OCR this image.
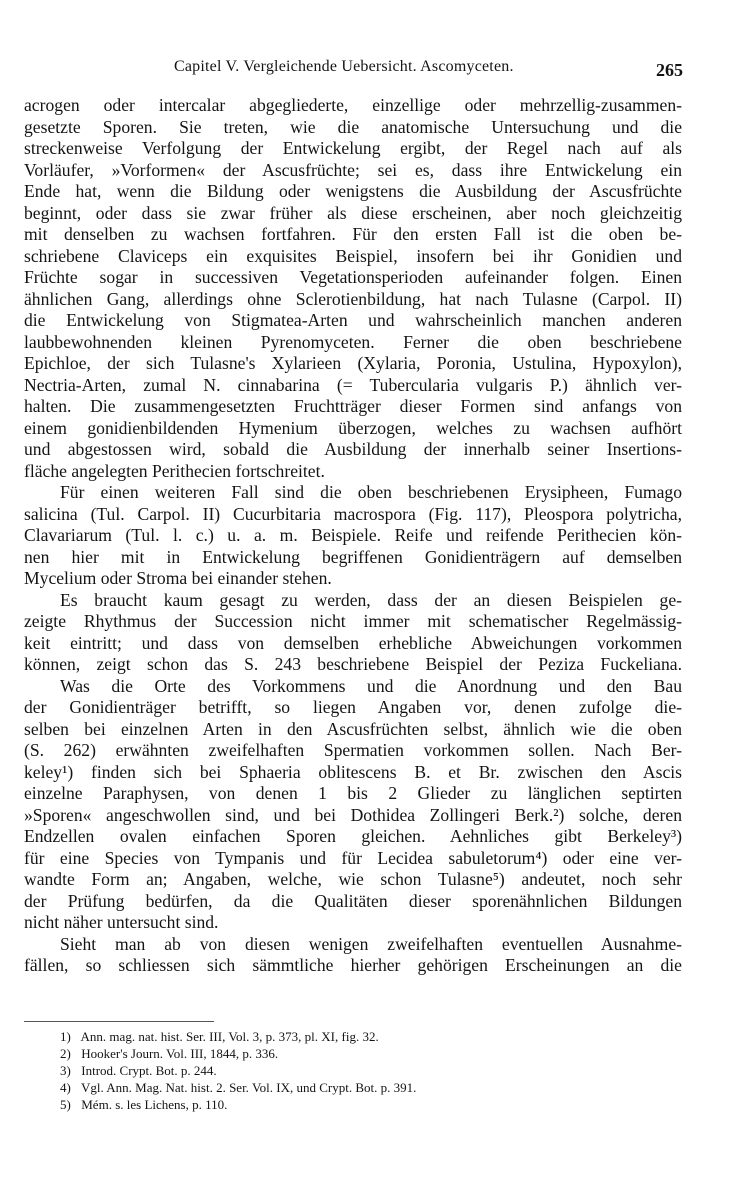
Capitel V. Vergleichende Uebersicht. Ascomyceten.	265
acrogen oder intercalar abgegliederte, einzellige oder mehrzellig-zusammen-
gesetzte Sporen. Sie treten, wie die anatomische Untersuchung und die
streckenweise Verfolgung der Entwickelung ergibt, der Regel nach auf als
Vorläufer, »Vorformen« der Ascusfrüchte; sei es, dass ihre Entwickelung ein
Ende hat, wenn die Bildung oder wenigstens die Ausbildung der Ascusfrüchte
beginnt, oder dass sie zwar früher als diese erscheinen, aber noch gleichzeitig
mit denselben zu wachsen fortfahren. Für den ersten Fall ist die oben be-
schriebene Claviceps ein exquisites Beispiel, insofern bei ihr Gonidien und
Früchte sogar in successiven Vegetationsperioden aufeinander folgen. Einen
ähnlichen Gang, allerdings ohne Sclerotienbildung, hat nach Tulasne (Carpol. II)
die Entwickelung von Stigmatea-Arten und wahrscheinlich manchen anderen
laubbewohnenden kleinen Pyrenomyceten. Ferner die oben beschriebene
Epichloe, der sich Tulasne's Xylarieen (Xylaria, Poronia, Ustulina, Hypoxylon),
Nectria-Arten, zumal N. cinnabarina (= Tubercularia vulgaris P.) ähnlich ver-
halten. Die zusammengesetzten Fruchtträger dieser Formen sind anfangs von
einem gonidienbildenden Hymenium überzogen, welches zu wachsen aufhört
und abgestossen wird, sobald die Ausbildung der innerhalb seiner Insertions-
fläche angelegten Perithecien fortschreitet.
Für einen weiteren Fall sind die oben beschriebenen Erysipheen, Fumago
salicina (Tul. Carpol. II) Cucurbitaria macrospora (Fig. 117), Pleospora polytricha,
Clavariarum (Tul. l. c.) u. a. m. Beispiele. Reife und reifende Perithecien kön-
nen hier mit in Entwickelung begriffenen Gonidienträgern auf demselben
Mycelium oder Stroma bei einander stehen.
Es braucht kaum gesagt zu werden, dass der an diesen Beispielen ge-
zeigte Rhythmus der Succession nicht immer mit schematischer Regelmässig-
keit eintritt; und dass von demselben erhebliche Abweichungen vorkommen
können, zeigt schon das S. 243 beschriebene Beispiel der Peziza Fuckeliana.
Was die Orte des Vorkommens und die Anordnung und den Bau
der Gonidienträger betrifft, so liegen Angaben vor, denen zufolge die-
selben bei einzelnen Arten in den Ascusfrüchten selbst, ähnlich wie die oben
(S. 262) erwähnten zweifelhaften Spermatien vorkommen sollen. Nach Ber-
keley¹) finden sich bei Sphaeria oblitescens B. et Br. zwischen den Ascis
einzelne Paraphysen, von denen 1 bis 2 Glieder zu länglichen septirten
»Sporen« angeschwollen sind, und bei Dothidea Zollingeri Berk.²) solche, deren
Endzellen ovalen einfachen Sporen gleichen. Aehnliches gibt Berkeley³)
für eine Species von Tympanis und für Lecidea sabuletorum⁴) oder eine ver-
wandte Form an; Angaben, welche, wie schon Tulasne⁵) andeutet, noch sehr
der Prüfung bedürfen, da die Qualitäten dieser sporenähnlichen Bildungen
nicht näher untersucht sind.
Sieht man ab von diesen wenigen zweifelhaften eventuellen Ausnahme-
fällen, so schliessen sich sämmtliche hierher gehörigen Erscheinungen an die
1) Ann. mag. nat. hist. Ser. III, Vol. 3, p. 373, pl. XI, fig. 32.
2) Hooker's Journ. Vol. III, 1844, p. 336.
3) Introd. Crypt. Bot. p. 244.
4) Vgl. Ann. Mag. Nat. hist. 2. Ser. Vol. IX, und Crypt. Bot. p. 391.
5) Mém. s. les Lichens, p. 110.
